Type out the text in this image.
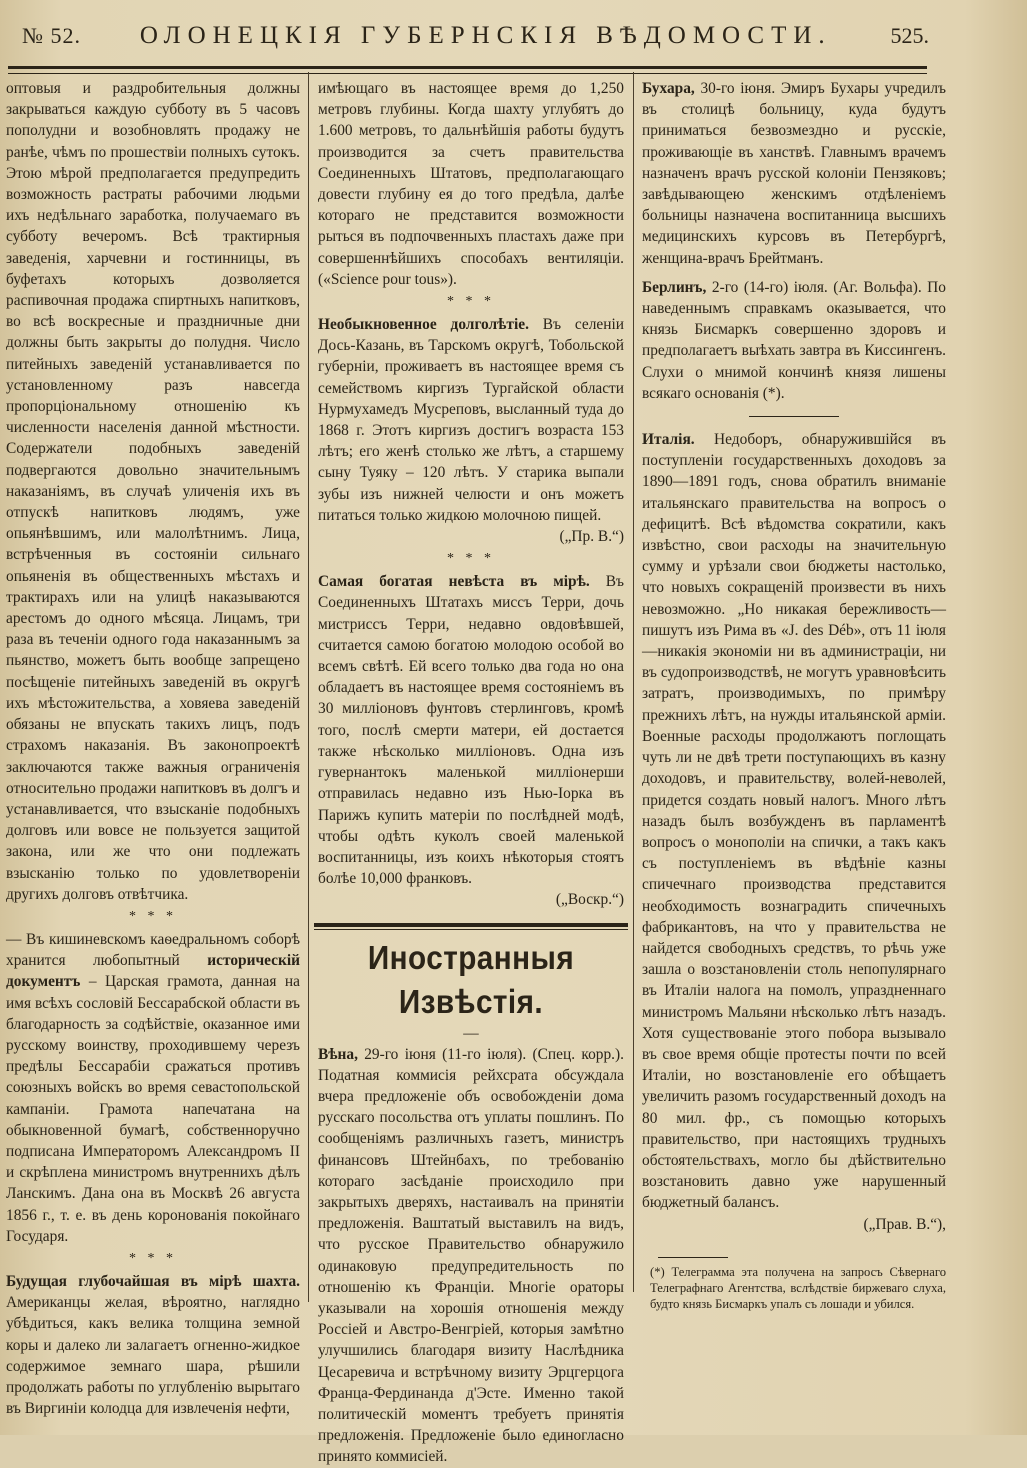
№ 52. ОЛОНЕЦКІЯ ГУБЕРНСКІЯ ВѢДОМОСТИ.	525.

оптовыя и раздробительныя должны закрываться каждую субботу въ 5 часовъ пополудни и возобновлять продажу не ранѣе, чѣмъ по прошествіи полныхъ сутокъ. Этою мѣрой предполагается предупредить возможность растраты рабочими людьми ихъ недѣльнаго заработка, получаемаго въ субботу вечеромъ. Всѣ трактирныя заведенія, харчевни и гостинницы, въ буфетахъ которыхъ дозволяется распивочная продажа спиртныхъ напитковъ, во всѣ воскресные и праздничные дни должны быть закрыты до полудня. Число питейныхъ заведеній устанавливается по установленному разъ навсегда пропорціональному отношенію къ численности населенія данной мѣстности. Содержатели подобныхъ заведеній подвергаются довольно значительнымъ наказаніямъ, въ случаѣ уличенія ихъ въ отпускѣ напитковъ людямъ, уже опьянѣвшимъ, или малолѣтнимъ. Лица, встрѣченныя въ состояніи сильнаго опьяненія въ общественныхъ мѣстахъ и трактирахъ или на улицѣ наказываются арестомъ до одного мѣсяца. Лицамъ, три раза въ теченіи одного года наказаннымъ за пьянство, можетъ быть вообще запрещено посѣщеніе питейныхъ заведеній въ округѣ ихъ мѣстожительства, а ховяева заведеній обязаны не впускать такихъ лицъ, подъ страхомъ наказанія. Въ законопроектѣ заключаются также важныя ограниченія относительно продажи напитковъ въ долгъ и устанавливается, что взысканіе подобныхъ долговъ или вовсе не пользуется защитой закона, или же что они подлежать взысканію только по удовлетвореніи другихъ долговъ отвѣтчика.

* * *

— Въ кишиневскомъ каѳедральномъ соборѣ хранится любопытный историческій документъ – Царская грамота, данная на имя всѣхъ сословій Бессарабской области въ благодарность за содѣйствіе, оказанное ими русскому воинству, проходившему черезъ предѣлы Бессарабіи сражаться противъ союзныхъ войскъ во время севастопольской кампаніи. Грамота напечатана на обыкновенной бумагѣ, собственноручно подписана Императоромъ Александромъ II и скрѣплена министромъ внутреннихъ дѣлъ Ланскимъ. Дана она въ Москвѣ 26 августа 1856 г., т. е. въ день коронованія покойнаго Государя.

* * *

Будущая глубочайшая въ мірѣ шахта. Американцы желая, вѣроятно, наглядно убѣдиться, какъ велика толщина земной коры и далеко ли залагаетъ огненно-жидкое содержимое земнаго шара, рѣшили продолжать работы по углубленію вырытаго въ Виргиніи колодца для извлеченія нефти,

имѣющаго въ настоящее время до 1,250 метровъ глубины. Когда шахту углубятъ до 1.600 метровъ, то дальнѣйшія работы будутъ производится за счетъ правительства Соединенныхъ Штатовъ, предполагающаго довести глубину ея до того предѣла, далѣе котораго не представится возможности рыться въ подпочвенныхъ пластахъ даже при совершеннѣйшихъ способахъ вентиляціи. («Science pour tous»).

* * *

Необыкновенное долголѣтіе. Въ селеніи Дось-Казань, въ Тарскомъ округѣ, Тобольской губерніи, проживаетъ въ настоящее время съ семействомъ киргизъ Тургайской области Нурмухамедъ Мусреповъ, высланный туда до 1868 г. Этотъ киргизъ достигъ возраста 153 лѣтъ; его женѣ столько же лѣтъ, а старшему сыну Туяку – 120 лѣтъ. У старика выпали зубы изъ нижней челюсти и онъ можетъ питаться только жидкою молочною пищей.
(„Пр. В.“)

* * *

Самая богатая невѣста въ мірѣ. Въ Соединенныхъ Штатахъ миссъ Терри, дочь мистриссъ Терри, недавно овдовѣвшей, считается самою богатою молодою особой во всемъ свѣтѣ. Ей всего только два года но она обладаетъ въ настоящее время состояніемъ въ 30 милліоновъ фунтовъ стерлинговъ, кромѣ того, послѣ смерти матери, ей достается также нѣсколько милліоновъ. Одна изъ гувернантокъ маленькой милліонерши отправилась недавно изъ Нью-Іорка въ Парижъ купить матеріи по послѣдней модѣ, чтобы одѣть куколъ своей маленькой воспитанницы, изъ коихъ нѣкоторыя стоятъ болѣе 10,000 франковъ.
(„Воскр.“)

Иностранныя Извѣстія.
—

Вѣна, 29-го іюня (11-го іюля). (Спец. корр.). Податная коммисія рейхсрата обсуждала вчера предложеніе объ освобожденіи дома русскаго посольства отъ уплаты пошлинъ. По сообщеніямъ различныхъ газетъ, министръ финансовъ Штейнбахъ, по требованію котораго засѣданіе происходило при закрытыхъ дверяхъ, настаивалъ на принятіи предложенія. Ваштатый выставилъ на видъ, что русское Правительство обнаружило одинаковую предупредительность по отношенію къ Франціи. Многіе ораторы указывали на хорошія отношенія между Россіей и Австро-Венгріей, которыя замѣтно улучшились благодаря визиту Наслѣдника Цесаревича и встрѣчному визиту Эрцгерцога Франца-Фердинанда д'Эсте. Именно такой политическій моментъ требуетъ принятія предложенія. Предложеніе было единогласно принято коммисіей.

Бухара, 30-го іюня. Эмиръ Бухары учредилъ въ столицѣ больницу, куда будутъ приниматься безвозмездно и русскіе, проживающіе въ ханствѣ. Главнымъ врачемъ назначенъ врачъ русской колоніи Пензяковъ; завѣдывающею женскимъ отдѣленіемъ больницы назначена воспитанница высшихъ медицинскихъ курсовъ въ Петербургѣ, женщина-врачъ Брейтманъ.

Берлинъ, 2-го (14-го) іюля. (Аг. Вольфа). По наведеннымъ справкамъ оказывается, что князь Бисмаркъ совершенно здоровъ и предполагаетъ выѣхать завтра въ Киссингенъ. Слухи о мнимой кончинѣ князя лишены всякаго основанія (*).

Италія. Недоборъ, обнаружившійся въ поступленіи государственныхъ доходовъ за 1890—1891 годъ, снова обратилъ вниманіе итальянскаго правительства на вопросъ о дефицитѣ. Всѣ вѣдомства сократили, какъ извѣстно, свои расходы на значительную сумму и урѣзали свои бюджеты настолько, что новыхъ сокращеній произвести въ нихъ невозможно. „Но никакая бережливость— пишутъ изъ Рима въ «J. des Déb», отъ 11 іюля—никакія экономіи ни въ администраціи, ни въ судопроизводствѣ, не могутъ уравновѣсить затратъ, производимыхъ, по примѣру прежнихъ лѣтъ, на нужды итальянской арміи. Военные расходы продолжаютъ поглощать чуть ли не двѣ трети поступающихъ въ казну доходовъ, и правительству, волей-неволей, придется создать новый налогъ. Много лѣтъ назадъ былъ возбужденъ въ парламентѣ вопросъ о монополіи на спички, а такъ какъ съ поступленіемъ въ вѣдѣніе казны спичечнаго производства представится необходимость вознаградить спичечныхъ фабрикантовъ, на что у правительства не найдется свободныхъ средствъ, то рѣчь уже зашла о возстановленіи столь непопулярнаго въ Италіи налога на помолъ, упраздненнаго министромъ Мальяни нѣсколько лѣтъ назадъ. Хотя существованіе этого побора вызывало въ свое время общіе протесты почти по всей Италіи, но возстановленіе его обѣщаетъ увеличить разомъ государственный доходъ на 80 мил. фр., съ помощью которыхъ правительство, при настоящихъ трудныхъ обстоятельствахъ, могло бы дѣйствительно возстановить давно уже нарушенный бюджетный балансъ.
(„Прав. В.“),

(*) Телеграмма эта получена на запросъ Сѣвернаго Телеграфнаго Агентства, вслѣдствіе биржеваго слуха, будто князь Бисмаркъ упалъ съ лошади и убился.
